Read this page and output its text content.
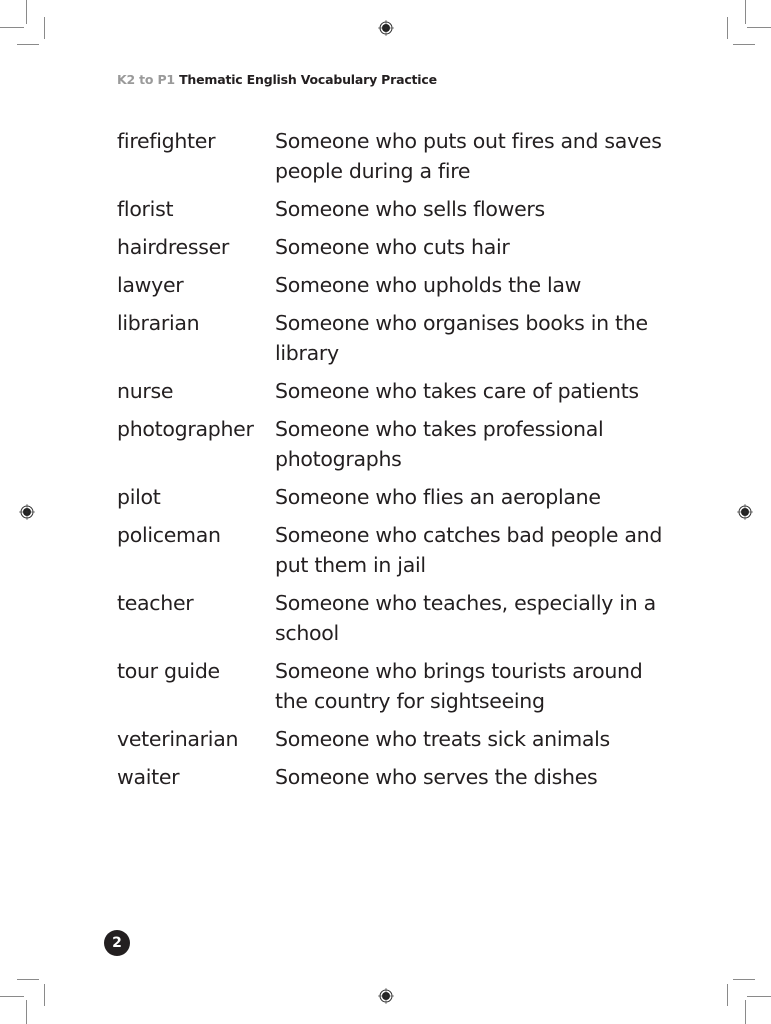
K2 to P1 Thematic English Vocabulary Practice
firefighter	Someone who puts out fires and saves people during a fire
florist	Someone who sells flowers
hairdresser	Someone who cuts hair
lawyer	Someone who upholds the law
librarian	Someone who organises books in the library
nurse	Someone who takes care of patients
photographer	Someone who takes professional photographs
pilot	Someone who flies an aeroplane
policeman	Someone who catches bad people and put them in jail
teacher	Someone who teaches, especially in a school
tour guide	Someone who brings tourists around the country for sightseeing
veterinarian	Someone who treats sick animals
waiter	Someone who serves the dishes
2
